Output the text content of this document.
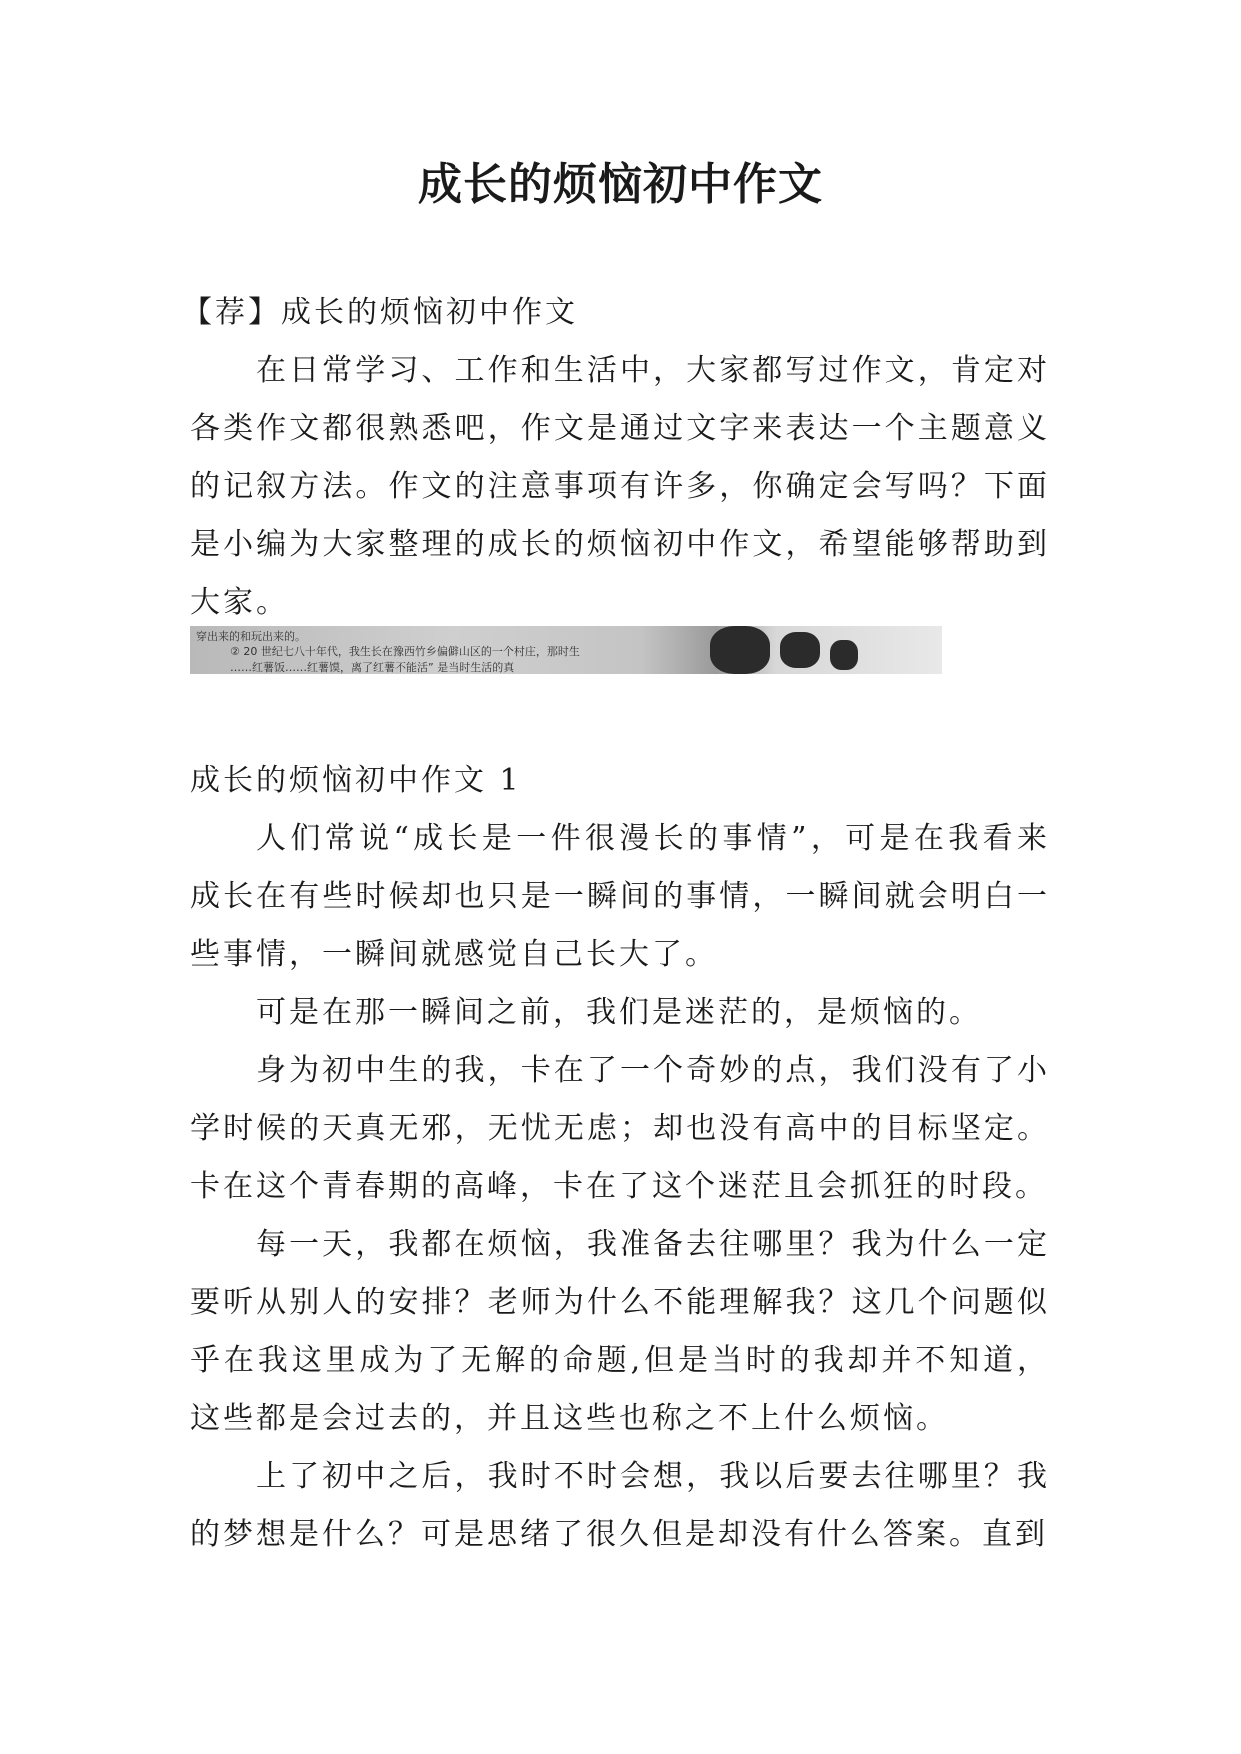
成长的烦恼初中作文

【荐】成长的烦恼初中作文

在日常学习、工作和生活中，大家都写过作文，肯定对各类作文都很熟悉吧，作文是通过文字来表达一个主题意义的记叙方法。作文的注意事项有许多，你确定会写吗？下面是小编为大家整理的成长的烦恼初中作文，希望能够帮助到大家。

穿出来的和玩出来的。
② 20 世纪七八十年代，我生长在豫西竹乡偏僻山区的一个村庄，那时生
……红薯饭……红薯馍，离了红薯不能活” 是当时生活的真

成长的烦恼初中作文 1

人们常说“成长是一件很漫长的事情”，可是在我看来成长在有些时候却也只是一瞬间的事情，一瞬间就会明白一些事情，一瞬间就感觉自己长大了。

可是在那一瞬间之前，我们是迷茫的，是烦恼的。

身为初中生的我，卡在了一个奇妙的点，我们没有了小学时候的天真无邪，无忧无虑；却也没有高中的目标坚定。卡在这个青春期的高峰，卡在了这个迷茫且会抓狂的时段。

每一天，我都在烦恼，我准备去往哪里？我为什么一定要听从别人的安排？老师为什么不能理解我？这几个问题似乎在我这里成为了无解的命题,但是当时的我却并不知道，这些都是会过去的，并且这些也称之不上什么烦恼。

上了初中之后，我时不时会想，我以后要去往哪里？我的梦想是什么？可是思绪了很久但是却没有什么答案。直到
